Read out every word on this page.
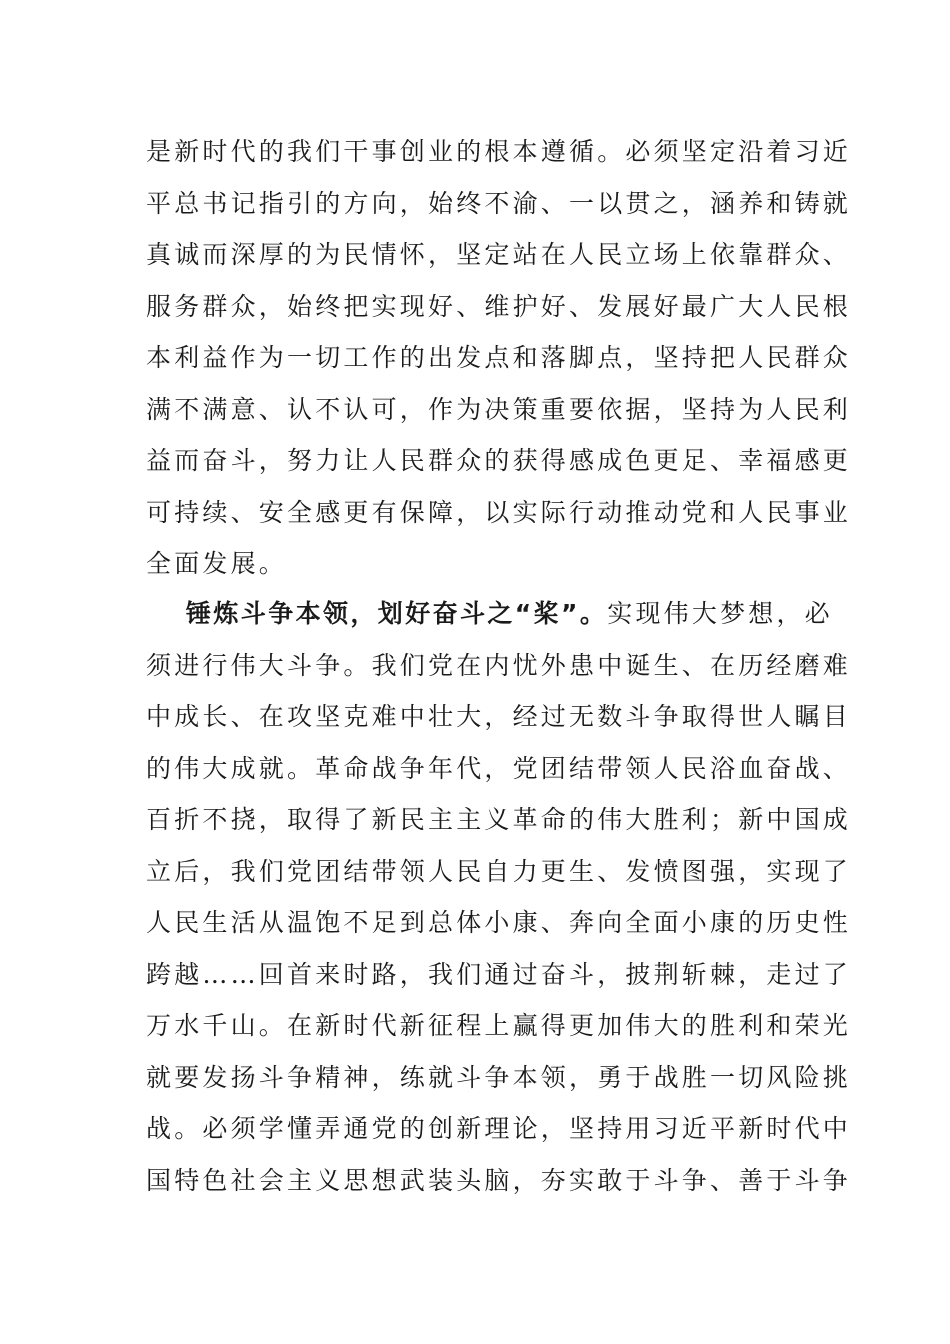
是新时代的我们干事创业的根本遵循。必须坚定沿着习近
平总书记指引的方向，始终不渝、一以贯之，涵养和铸就
真诚而深厚的为民情怀，坚定站在人民立场上依靠群众、
服务群众，始终把实现好、维护好、发展好最广大人民根
本利益作为一切工作的出发点和落脚点，坚持把人民群众
满不满意、认不认可，作为决策重要依据，坚持为人民利
益而奋斗，努力让人民群众的获得感成色更足、幸福感更
可持续、安全感更有保障，以实际行动推动党和人民事业
全面发展。
锤炼斗争本领，划好奋斗之“桨”。实现伟大梦想，必
须进行伟大斗争。我们党在内忧外患中诞生、在历经磨难
中成长、在攻坚克难中壮大，经过无数斗争取得世人瞩目
的伟大成就。革命战争年代，党团结带领人民浴血奋战、
百折不挠，取得了新民主主义革命的伟大胜利；新中国成
立后，我们党团结带领人民自力更生、发愤图强，实现了
人民生活从温饱不足到总体小康、奔向全面小康的历史性
跨越……回首来时路，我们通过奋斗，披荆斩棘，走过了
万水千山。在新时代新征程上赢得更加伟大的胜利和荣光
就要发扬斗争精神，练就斗争本领，勇于战胜一切风险挑
战。必须学懂弄通党的创新理论，坚持用习近平新时代中
国特色社会主义思想武装头脑，夯实敢于斗争、善于斗争
